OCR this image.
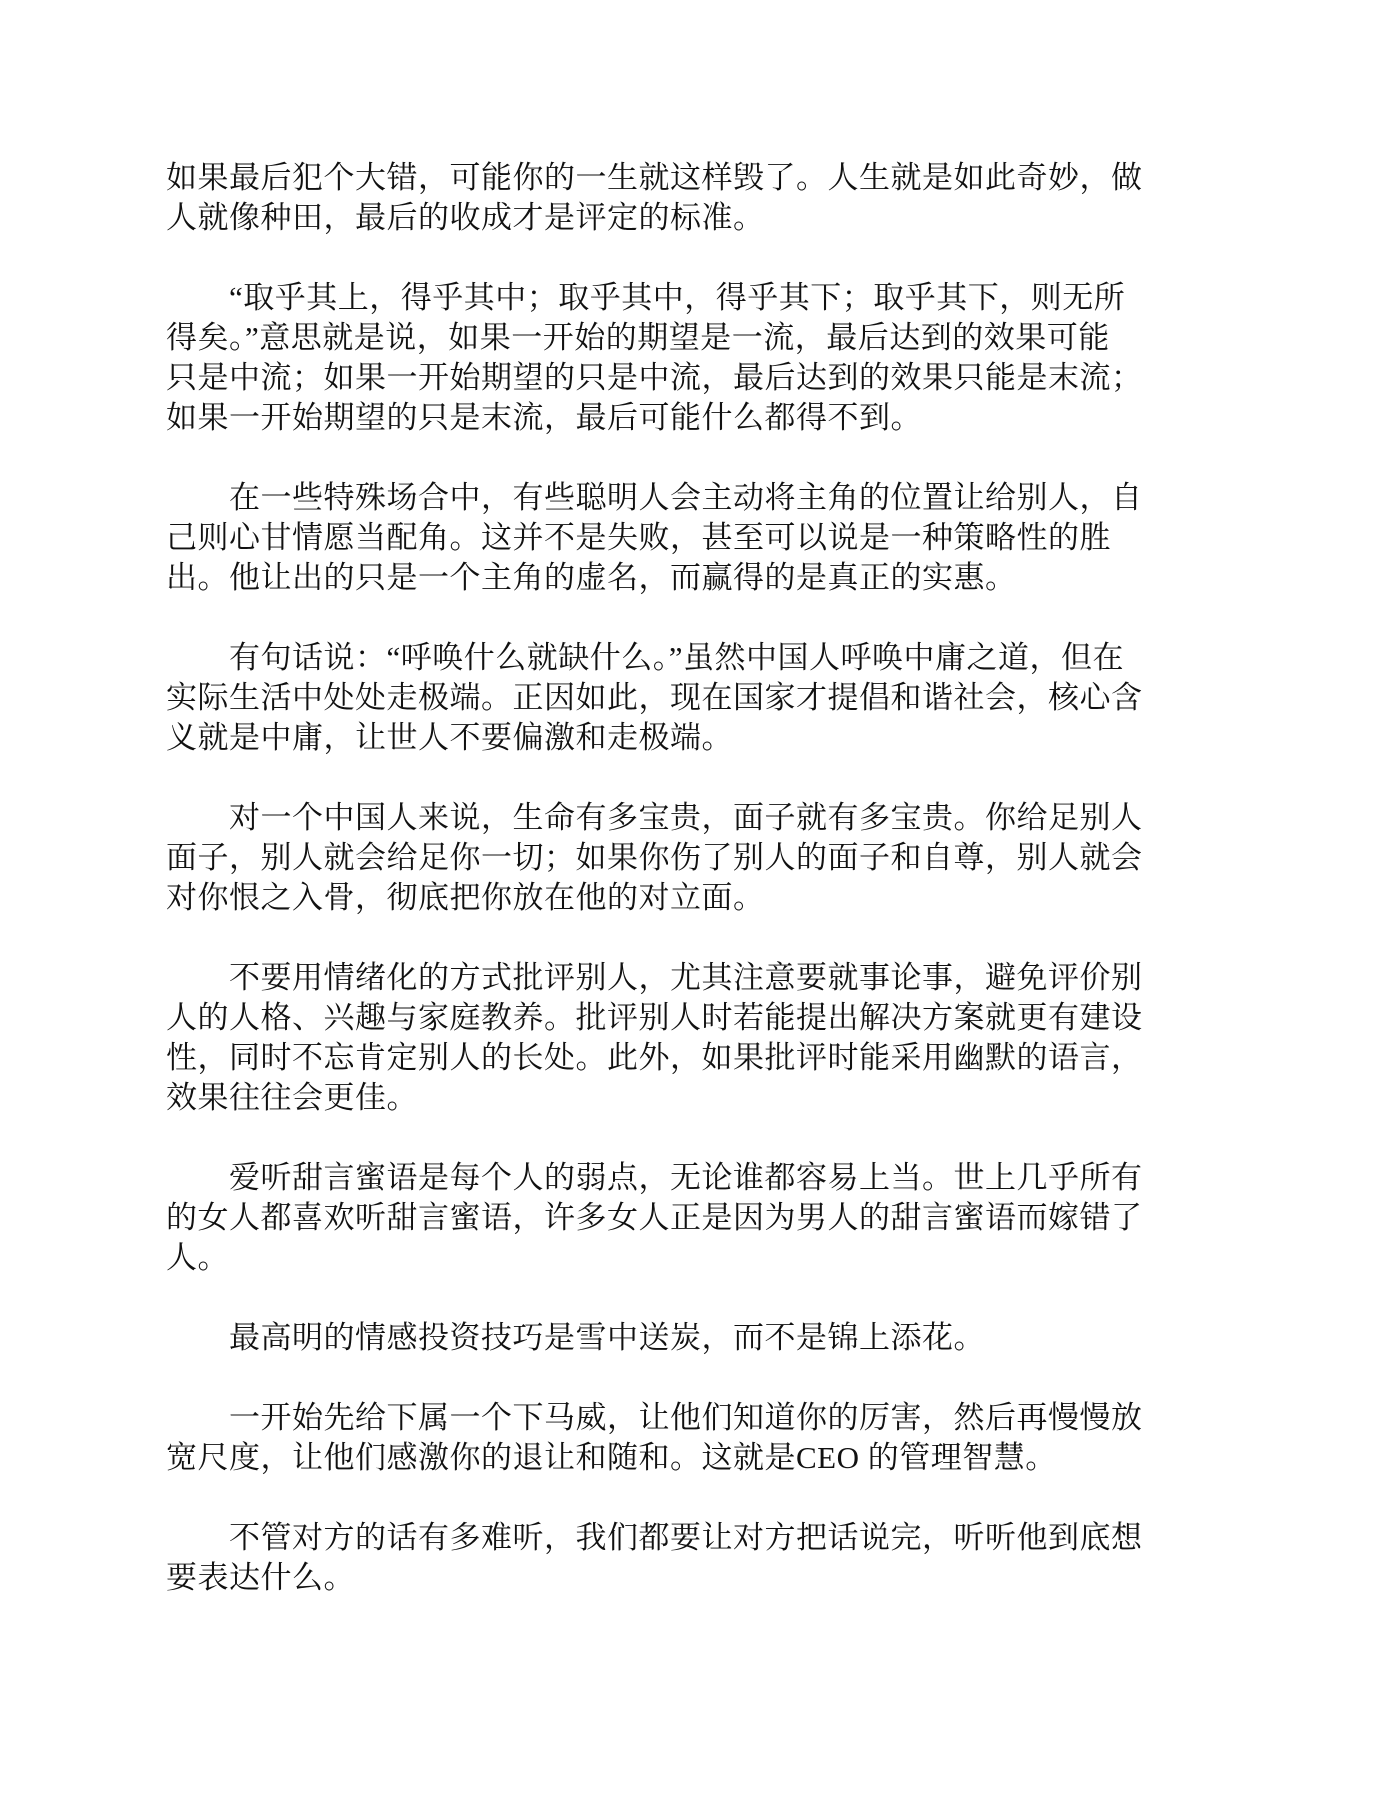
如果最后犯个大错，可能你的一生就这样毁了。人生就是如此奇妙，做
人就像种田，最后的收成才是评定的标准。

　　“取乎其上，得乎其中；取乎其中，得乎其下；取乎其下，则无所
得矣。”意思就是说，如果一开始的期望是一流，最后达到的效果可能
只是中流；如果一开始期望的只是中流，最后达到的效果只能是末流；
如果一开始期望的只是末流，最后可能什么都得不到。

　　在一些特殊场合中，有些聪明人会主动将主角的位置让给别人，自
己则心甘情愿当配角。这并不是失败，甚至可以说是一种策略性的胜
出。他让出的只是一个主角的虚名，而赢得的是真正的实惠。

　　有句话说：“呼唤什么就缺什么。”虽然中国人呼唤中庸之道，但在
实际生活中处处走极端。正因如此，现在国家才提倡和谐社会，核心含
义就是中庸，让世人不要偏激和走极端。

　　对一个中国人来说，生命有多宝贵，面子就有多宝贵。你给足别人
面子，别人就会给足你一切；如果你伤了别人的面子和自尊，别人就会
对你恨之入骨，彻底把你放在他的对立面。

　　不要用情绪化的方式批评别人，尤其注意要就事论事，避免评价别
人的人格、兴趣与家庭教养。批评别人时若能提出解决方案就更有建设
性，同时不忘肯定别人的长处。此外，如果批评时能采用幽默的语言，
效果往往会更佳。

　　爱听甜言蜜语是每个人的弱点，无论谁都容易上当。世上几乎所有
的女人都喜欢听甜言蜜语，许多女人正是因为男人的甜言蜜语而嫁错了
人。

　　最高明的情感投资技巧是雪中送炭，而不是锦上添花。

　　一开始先给下属一个下马威，让他们知道你的厉害，然后再慢慢放
宽尺度，让他们感激你的退让和随和。这就是CEO 的管理智慧。

　　不管对方的话有多难听，我们都要让对方把话说完，听听他到底想
要表达什么。
